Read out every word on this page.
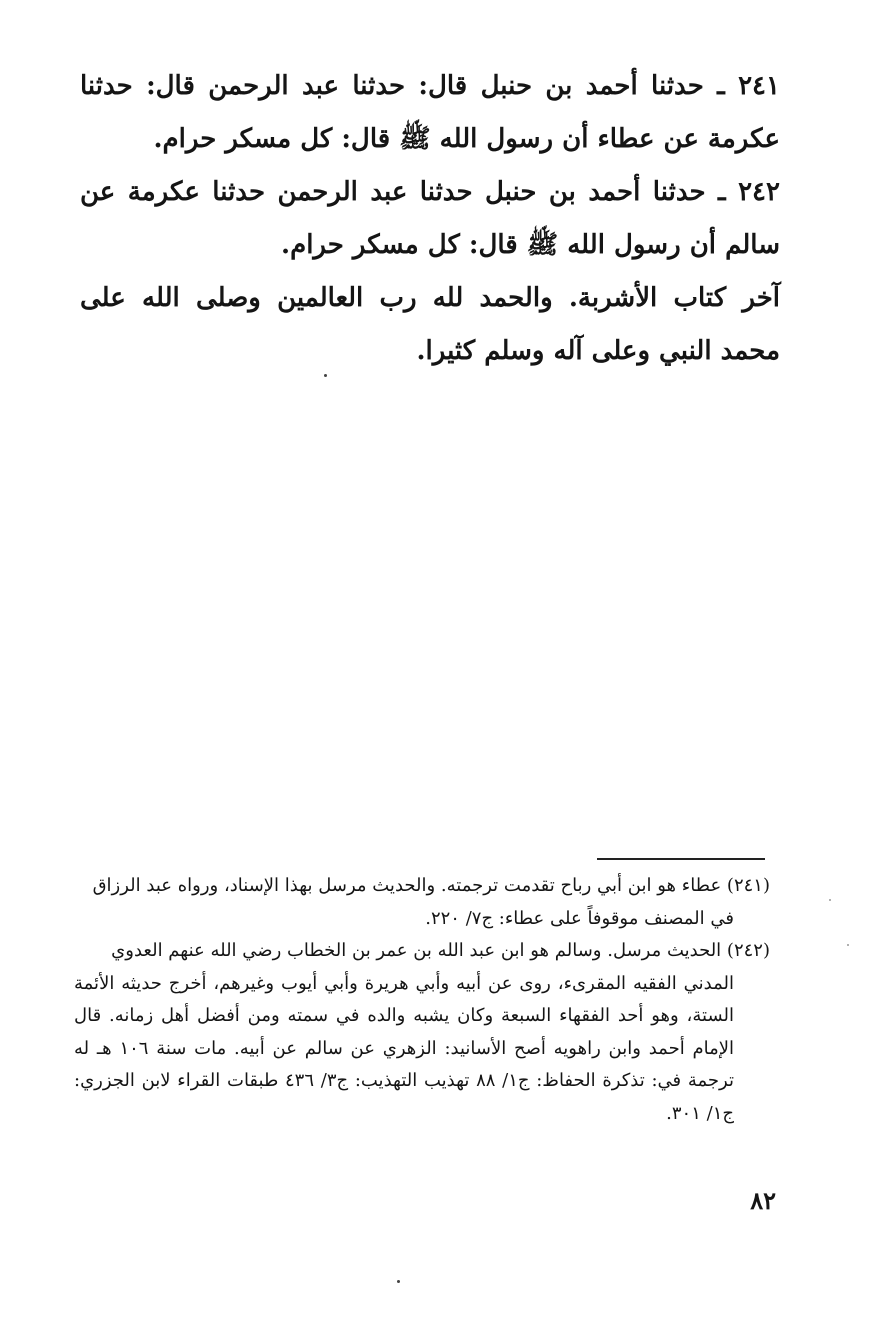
٢٤١ ـ حدثنا أحمد بن حنبل قال: حدثنا عبد الرحمن قال: حدثنا عكرمة عن عطاء أن رسول الله ﷺ قال: كل مسكر حرام.

٢٤٢ ـ حدثنا أحمد بن حنبل حدثنا عبد الرحمن حدثنا عكرمة عن سالم أن رسول الله ﷺ قال: كل مسكر حرام.

آخر كتاب الأشربة. والحمد لله رب العالمين وصلى الله على محمد النبي وعلى آله وسلم كثيرا.

(٢٤١) عطاء هو ابن أبي رباح تقدمت ترجمته. والحديث مرسل بهذا الإسناد، ورواه عبد الرزاق

في المصنف موقوفاً على عطاء: ج٧/ ٢٢٠.

(٢٤٢) الحديث مرسل. وسالم هو ابن عبد الله بن عمر بن الخطاب رضي الله عنهم العدوي

المدني الفقيه المقرىء، روى عن أبيه وأبي هريرة وأبي أيوب وغيرهم، أخرج حديثه الأئمة الستة، وهو أحد الفقهاء السبعة وكان يشبه والده في سمته ومن أفضل أهل زمانه. قال الإمام أحمد وابن راهويه أصح الأسانيد: الزهري عن سالم عن أبيه. مات سنة ١٠٦ هـ له ترجمة في: تذكرة الحفاظ: ج١/ ٨٨ تهذيب التهذيب: ج٣/ ٤٣٦ طبقات القراء لابن الجزري: ج١/ ٣٠١.

٨٢
